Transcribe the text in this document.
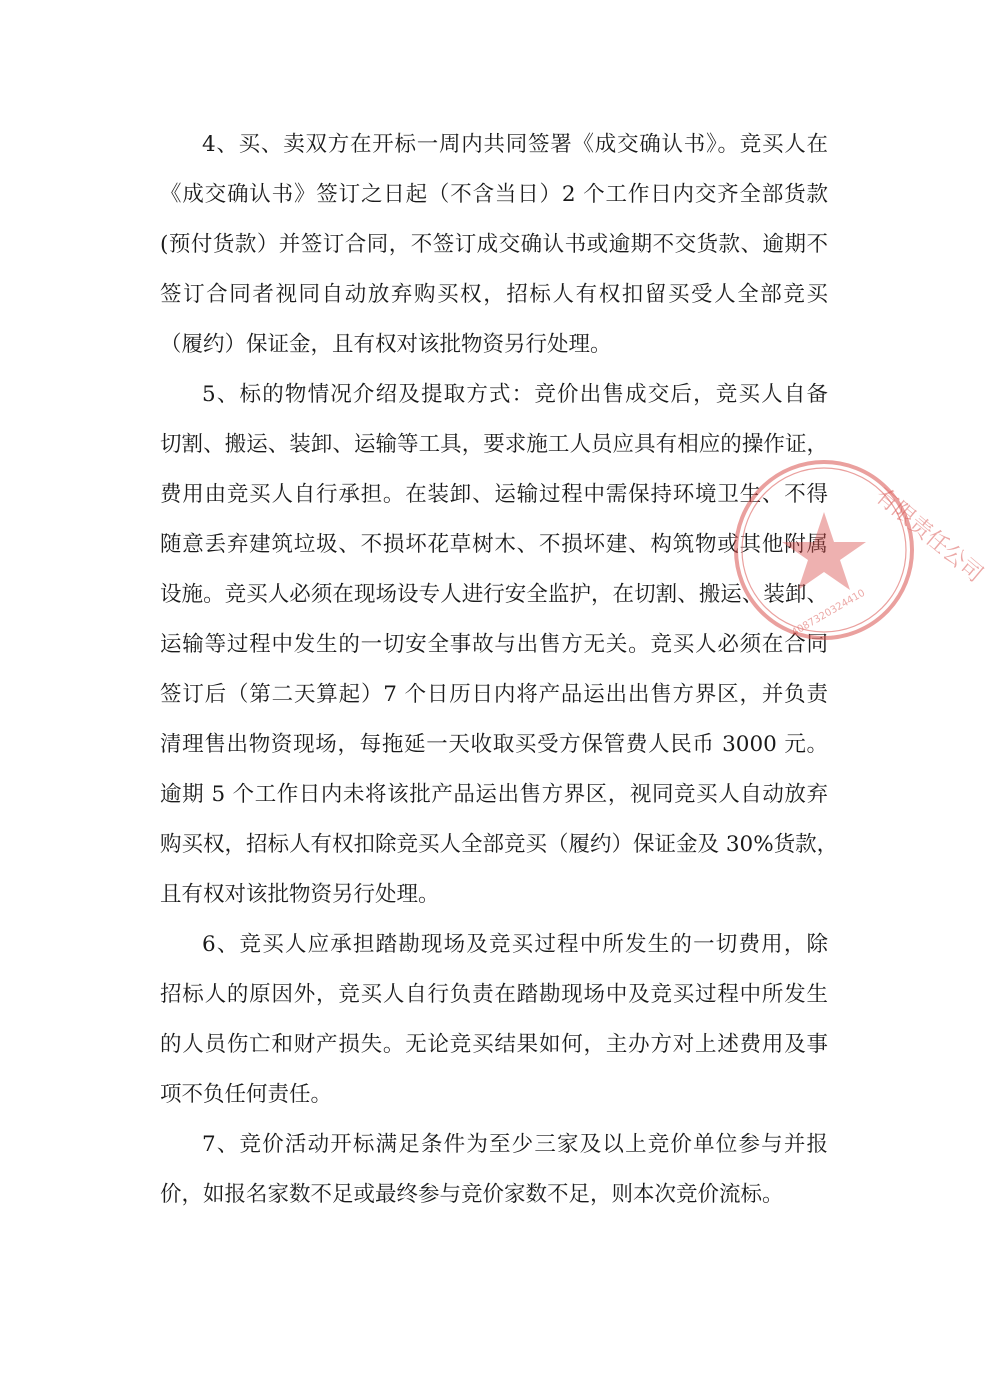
4、买、卖双方在开标一周内共同签署《成交确认书》。竞买人在
《成交确认书》签订之日起（不含当日）2 个工作日内交齐全部货款
(预付货款）并签订合同，不签订成交确认书或逾期不交货款、逾期不
签订合同者视同自动放弃购买权，招标人有权扣留买受人全部竞买
（履约）保证金，且有权对该批物资另行处理。
5、标的物情况介绍及提取方式：竞价出售成交后，竞买人自备
切割、搬运、装卸、运输等工具，要求施工人员应具有相应的操作证，
费用由竞买人自行承担。在装卸、运输过程中需保持环境卫生、不得
随意丢弃建筑垃圾、不损坏花草树木、不损坏建、构筑物或其他附属
设施。竞买人必须在现场设专人进行安全监护，在切割、搬运、装卸、
运输等过程中发生的一切安全事故与出售方无关。竞买人必须在合同
签订后（第二天算起）7 个日历日内将产品运出出售方界区，并负责
清理售出物资现场，每拖延一天收取买受方保管费人民币 3000 元。
逾期 5 个工作日内未将该批产品运出售方界区，视同竞买人自动放弃
购买权，招标人有权扣除竞买人全部竞买（履约）保证金及 30%货款，
且有权对该批物资另行处理。
6、竞买人应承担踏勘现场及竞买过程中所发生的一切费用，除
招标人的原因外，竞买人自行负责在踏勘现场中及竞买过程中所发生
的人员伤亡和财产损失。无论竞买结果如何，主办方对上述费用及事
项不负任何责任。
7、竞价活动开标满足条件为至少三家及以上竞价单位参与并报
价，如报名家数不足或最终参与竞价家数不足，则本次竞价流标。
有限责任公司
4087320324410
